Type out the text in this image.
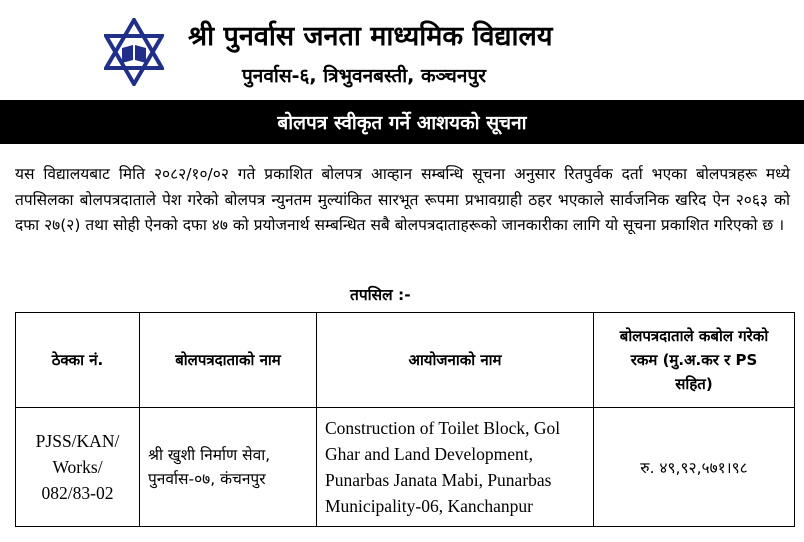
श्री पुनर्वास जनता माध्यमिक विद्यालय
पुनर्वास-६, त्रिभुवनबस्ती, कञ्चनपुर
बोलपत्र स्वीकृत गर्ने आशयको सूचना
यस विद्यालयबाट मिति २०८२/१०/०२ गते प्रकाशित बोलपत्र आव्हान सम्बन्धि सूचना अनुसार रितपुर्वक दर्ता भएका बोलपत्रहरू मध्ये तपसिलका बोलपत्रदाताले पेश गरेको बोलपत्र न्युनतम मुल्यांकित सारभूत रूपमा प्रभावग्राही ठहर भएकाले सार्वजनिक खरिद ऐन २०६३ को दफा २७(२) तथा सोही ऐनको दफा ४७ को प्रयोजनार्थ सम्बन्धित सबै बोलपत्रदाताहरूको जानकारीका लागि यो सूचना प्रकाशित गरिएको छ ।
तपसिल :-
ठेक्का नं.	बोलपत्रदाताको नाम	आयोजनाको नाम	बोलपत्रदाताले कबोल गरेको रकम (मु.अ.कर र PS सहित)
PJSS/KAN/ Works/ 082/83-02	श्री खुशी निर्माण सेवा, पुनर्वास-०७, कंचनपुर	Construction of Toilet Block, Gol Ghar and Land Development, Punarbas Janata Mabi, Punarbas Municipality-06, Kanchanpur	रु. ४९,९२,५७१।९८
